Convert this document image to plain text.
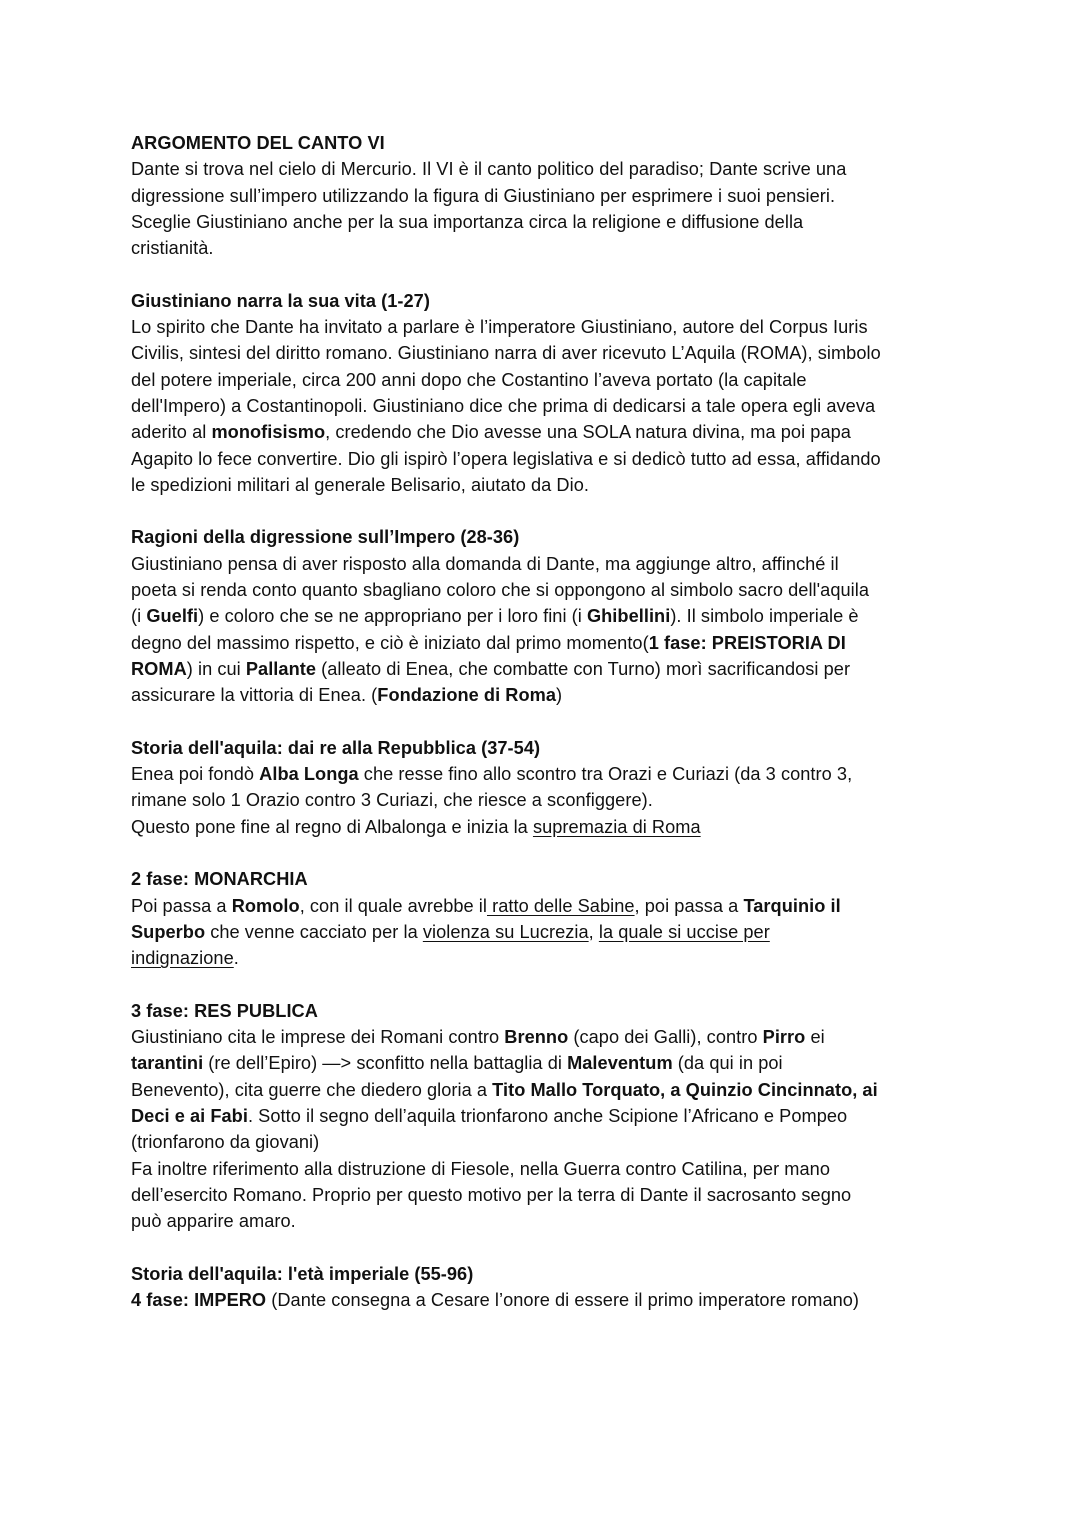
ARGOMENTO DEL CANTO VI
Dante si trova nel cielo di Mercurio. Il VI è il canto politico del paradiso; Dante scrive una
digressione sull’impero utilizzando la figura di Giustiniano per esprimere i suoi pensieri.
Sceglie Giustiniano anche per la sua importanza circa la religione e diffusione della
cristianità.
Giustiniano narra la sua vita (1-27)
Lo spirito che Dante ha invitato a parlare è l’imperatore Giustiniano, autore del Corpus Iuris
Civilis, sintesi del diritto romano. Giustiniano narra di aver ricevuto L’Aquila (ROMA), simbolo
del potere imperiale, circa 200 anni dopo che Costantino l’aveva portato (la capitale
dell'Impero) a Costantinopoli. Giustiniano dice che prima di dedicarsi a tale opera egli aveva
aderito al monofisismo, credendo che Dio avesse una SOLA natura divina, ma poi papa
Agapito lo fece convertire. Dio gli ispirò l’opera legislativa e si dedicò tutto ad essa, affidando
le spedizioni militari al generale Belisario, aiutato da Dio.
Ragioni della digressione sull’Impero (28-36)
Giustiniano pensa di aver risposto alla domanda di Dante, ma aggiunge altro, affinché il
poeta si renda conto quanto sbagliano coloro che si oppongono al simbolo sacro dell'aquila
(i Guelfi) e coloro che se ne appropriano per i loro fini (i Ghibellini). Il simbolo imperiale è
degno del massimo rispetto, e ciò è iniziato dal primo momento(1 fase: PREISTORIA DI
ROMA) in cui Pallante (alleato di Enea, che combatte con Turno) morì sacrificandosi per
assicurare la vittoria di Enea. (Fondazione di Roma)
Storia dell'aquila: dai re alla Repubblica (37-54)
Enea poi fondò Alba Longa che resse fino allo scontro tra Orazi e Curiazi (da 3 contro 3,
rimane solo 1 Orazio contro 3 Curiazi, che riesce a sconfiggere).
Questo pone fine al regno di Albalonga e inizia la supremazia di Roma
2 fase: MONARCHIA
Poi passa a Romolo, con il quale avrebbe il ratto delle Sabine, poi passa a Tarquinio il
Superbo che venne cacciato per la violenza su Lucrezia, la quale si uccise per
indignazione.
3 fase: RES PUBLICA
Giustiniano cita le imprese dei Romani contro Brenno (capo dei Galli), contro Pirro ei
tarantini (re dell’Epiro) —> sconfitto nella battaglia di Maleventum (da qui in poi
Benevento), cita guerre che diedero gloria a Tito Mallo Torquato, a Quinzio Cincinnato, ai
Deci e ai Fabi. Sotto il segno dell’aquila trionfarono anche Scipione l’Africano e Pompeo
(trionfarono da giovani)
Fa inoltre riferimento alla distruzione di Fiesole, nella Guerra contro Catilina, per mano
dell’esercito Romano. Proprio per questo motivo per la terra di Dante il sacrosanto segno
può apparire amaro.
Storia dell'aquila: l'età imperiale (55-96)
4 fase: IMPERO (Dante consegna a Cesare l’onore di essere il primo imperatore romano)
